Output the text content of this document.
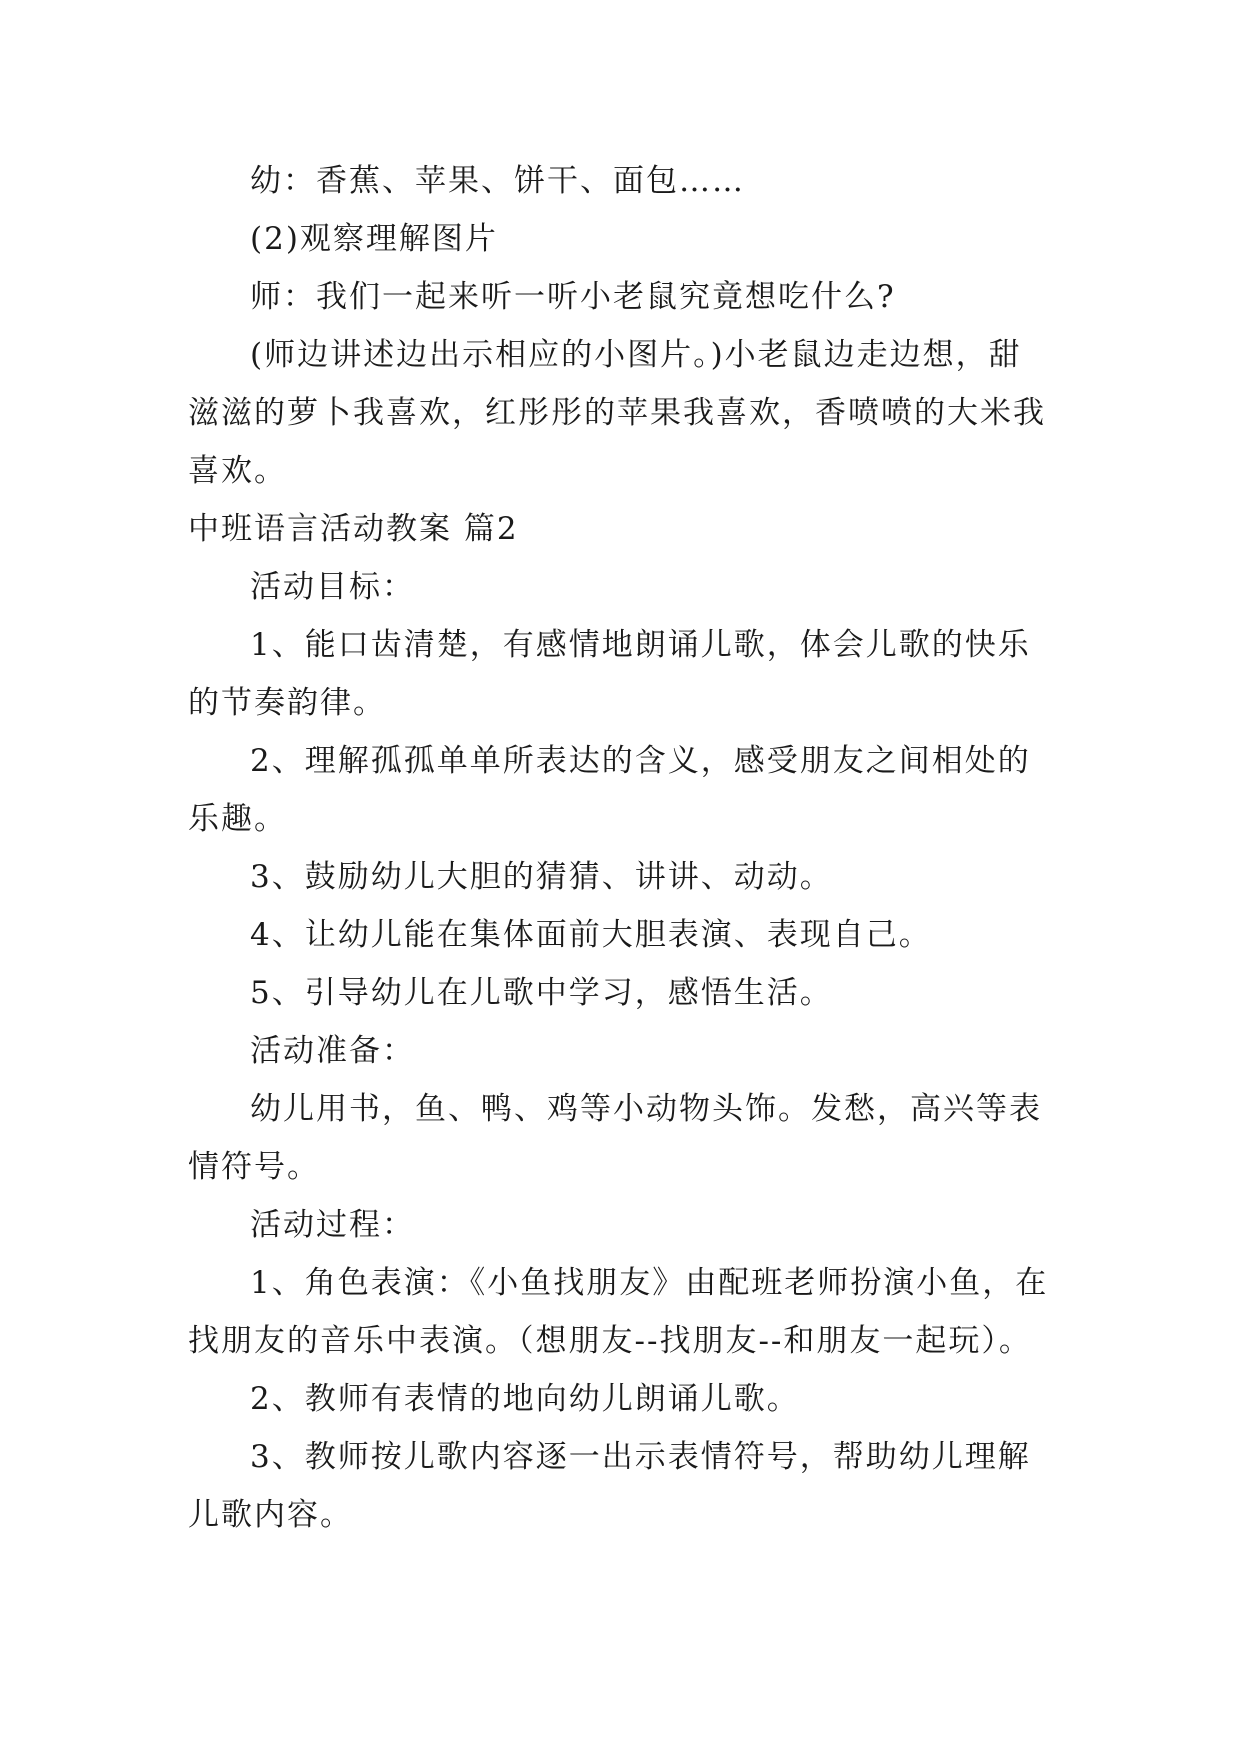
幼：香蕉、苹果、饼干、面包……
(2)观察理解图片
师：我们一起来听一听小老鼠究竟想吃什么?
(师边讲述边出示相应的小图片。)小老鼠边走边想，甜
滋滋的萝卜我喜欢，红彤彤的苹果我喜欢，香喷喷的大米我
喜欢。
中班语言活动教案 篇2
活动目标：
1、能口齿清楚，有感情地朗诵儿歌，体会儿歌的快乐
的节奏韵律。
2、理解孤孤单单所表达的含义，感受朋友之间相处的
乐趣。
3、鼓励幼儿大胆的猜猜、讲讲、动动。
4、让幼儿能在集体面前大胆表演、表现自己。
5、引导幼儿在儿歌中学习，感悟生活。
活动准备：
幼儿用书，鱼、鸭、鸡等小动物头饰。发愁，高兴等表
情符号。
活动过程：
1、角色表演：《小鱼找朋友》由配班老师扮演小鱼，在
找朋友的音乐中表演。（想朋友--找朋友--和朋友一起玩）。
2、教师有表情的地向幼儿朗诵儿歌。
3、教师按儿歌内容逐一出示表情符号，帮助幼儿理解
儿歌内容。
